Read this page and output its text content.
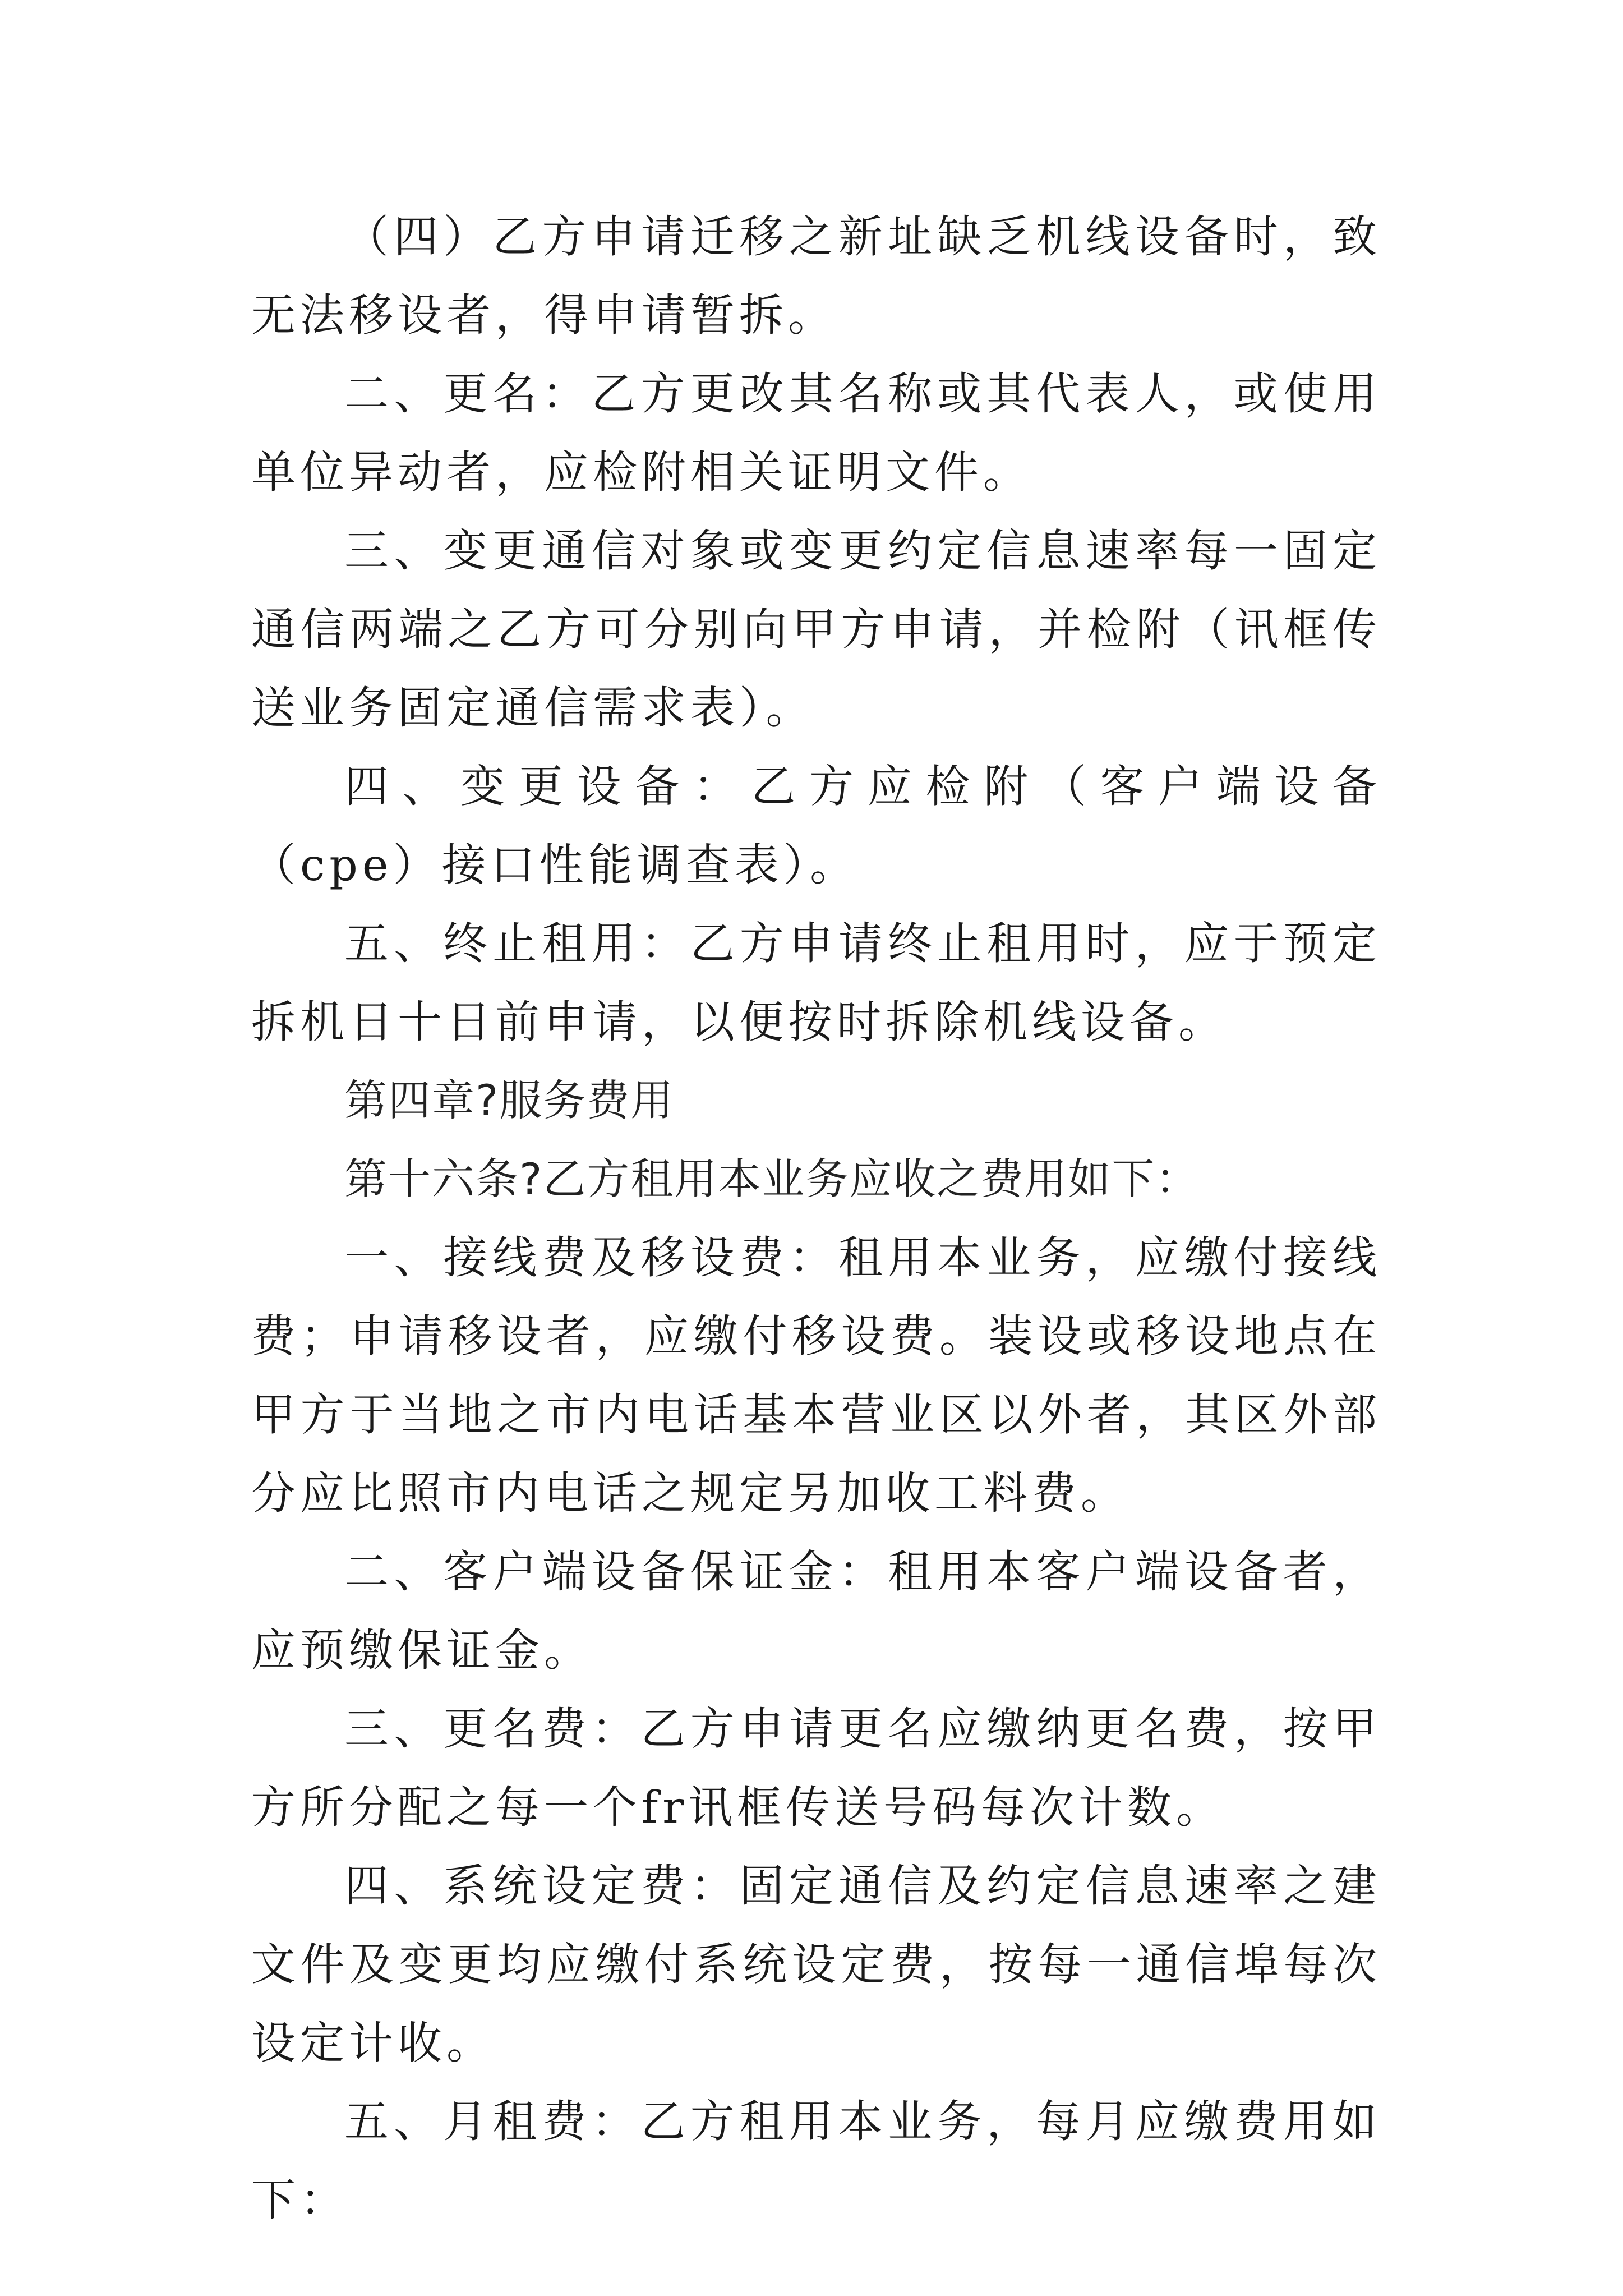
（四）乙方申请迁移之新址缺乏机线设备时，致无法移设者，得申请暂拆。

二、更名：乙方更改其名称或其代表人，或使用单位异动者，应检附相关证明文件。

三、变更通信对象或变更约定信息速率每一固定通信两端之乙方可分别向甲方申请，并检附（讯框传送业务固定通信需求表）。

四、变更设备：乙方应检附（客户端设备（cpe）接口性能调查表）。

五、终止租用：乙方申请终止租用时，应于预定拆机日十日前申请，以便按时拆除机线设备。

第四章?服务费用

第十六条?乙方租用本业务应收之费用如下：

一、接线费及移设费：租用本业务，应缴付接线费；申请移设者，应缴付移设费。装设或移设地点在甲方于当地之市内电话基本营业区以外者，其区外部分应比照市内电话之规定另加收工料费。

二、客户端设备保证金：租用本客户端设备者，应预缴保证金。

三、更名费：乙方申请更名应缴纳更名费，按甲方所分配之每一个fr讯框传送号码每次计数。

四、系统设定费：固定通信及约定信息速率之建文件及变更均应缴付系统设定费，按每一通信埠每次设定计收。

五、月租费：乙方租用本业务，每月应缴费用如下：
